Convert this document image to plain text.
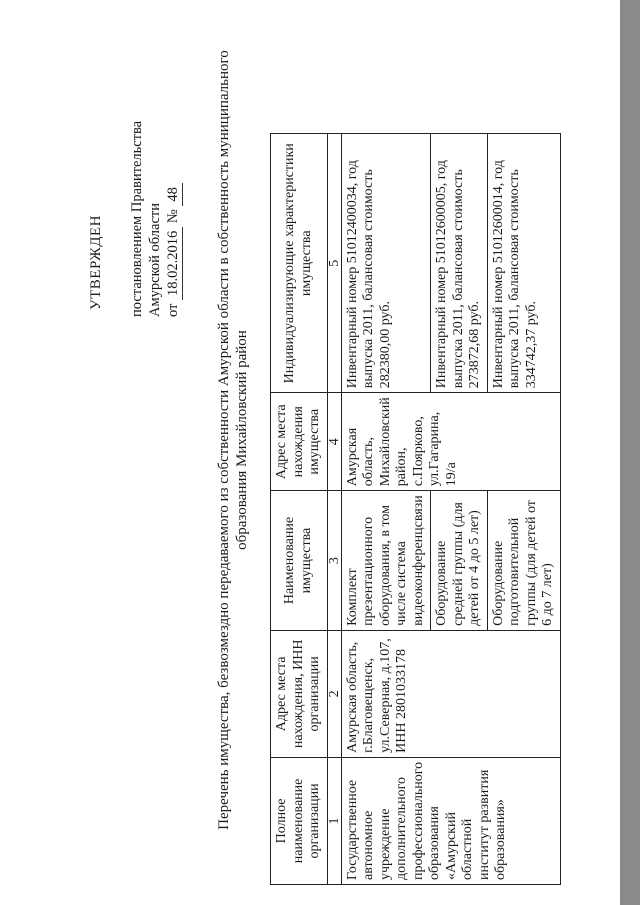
УТВЕРЖДЕН постановлением Правительства Амурской области от 18.02.2016 № 48 Перечень имущества, безвозмездно передаваемого из собственности Амурской области в собственность муниципального образования Михайловский район
Полное наименование организации	Адрес места нахождения, ИНН организации	Наименование имущества	Адрес места нахождения имущества	Индивидуализирующие характеристики имущества
1	2	3	4	5
Государственное автономное учреждение дополнительного профессионального образования «Амурский областной институт развития образования»	Амурская область, г.Благовещенск, ул.Северная, д.107, ИНН 2801033178	Комплект презентационного оборудования, в том числе система видеоконференцсвязи	Амурская область, Михайловский район, с.Поярково, ул.Гагарина, 19/а	Инвентарный номер 51012400034, год выпуска 2011, балансовая стоимость 282380,00 руб.
		Оборудование средней группы (для детей от 4 до 5 лет)		Инвентарный номер 51012600005, год выпуска 2011, балансовая стоимость 273872,68 руб.
		Оборудование подготовительной группы (для детей от 6 до 7 лет)		Инвентарный номер 51012600014, год выпуска 2011, балансовая стоимость 334742,37 руб.
